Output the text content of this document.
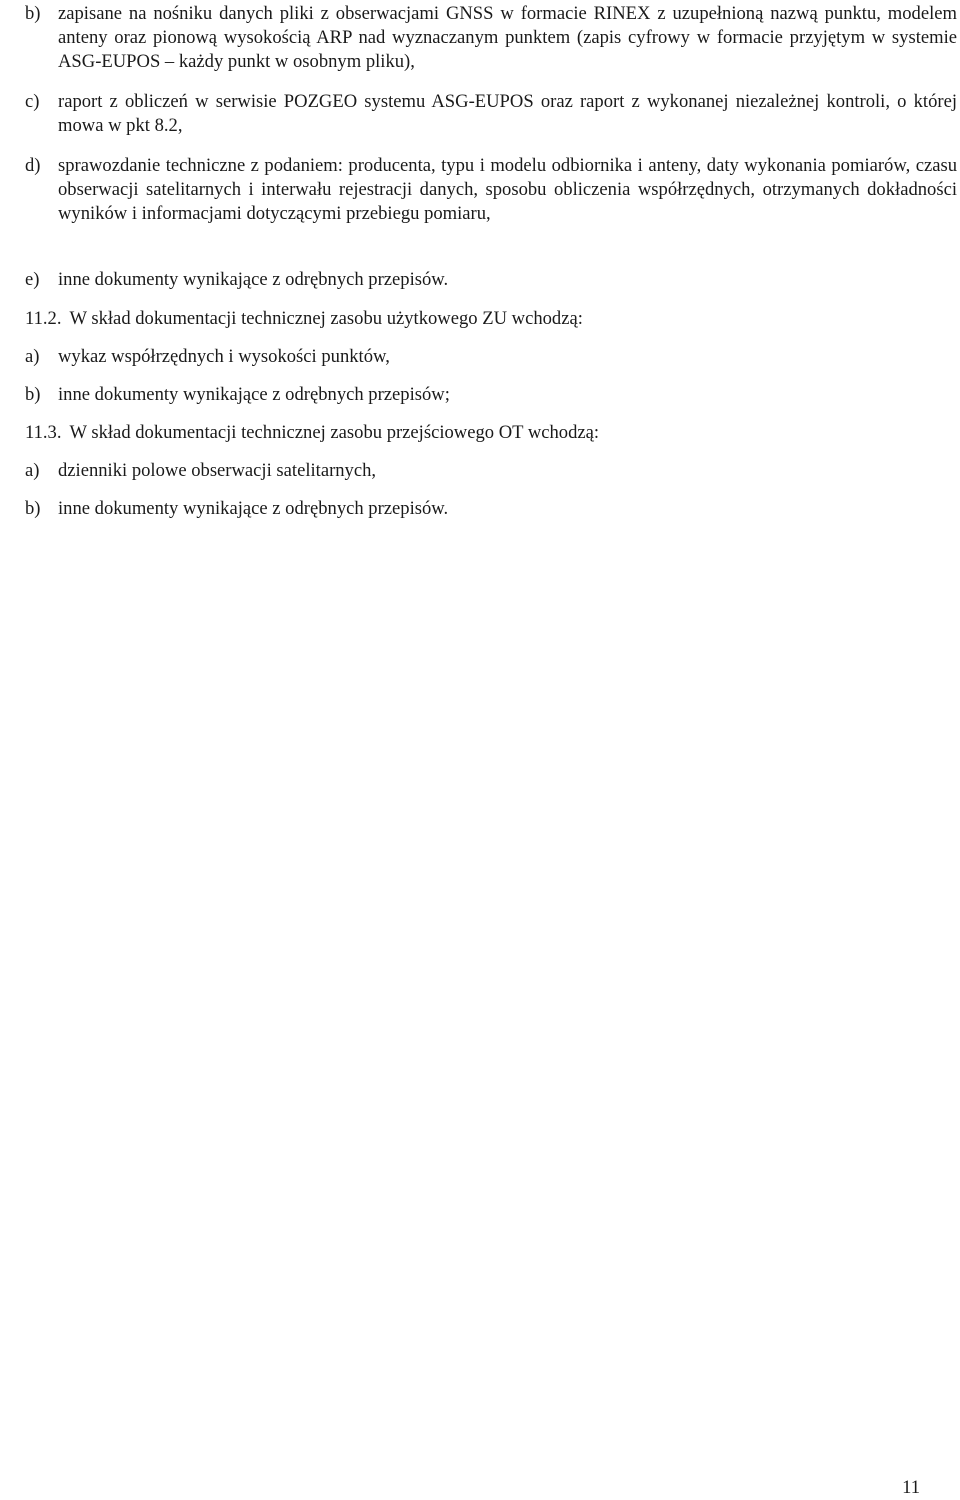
b) zapisane na nośniku danych pliki z obserwacjami GNSS w formacie RINEX z uzupełnioną nazwą punktu, modelem anteny oraz pionową wysokością ARP nad wyznaczanym punktem (zapis cyfrowy w formacie przyjętym w systemie ASG-EUPOS – każdy punkt w osobnym pliku),

c) raport z obliczeń w serwisie POZGEO systemu ASG-EUPOS oraz raport z wykonanej niezależnej kontroli, o której mowa w pkt 8.2,

d) sprawozdanie techniczne z podaniem: producenta, typu i modelu odbiornika i anteny, daty wykonania pomiarów, czasu obserwacji satelitarnych i interwału rejestracji danych, sposobu obliczenia współrzędnych, otrzymanych dokładności wyników i informacjami dotyczącymi przebiegu pomiaru,

e) inne dokumenty wynikające z odrębnych przepisów.

11.2. W skład dokumentacji technicznej zasobu użytkowego ZU wchodzą:

a) wykaz współrzędnych i wysokości punktów,

b) inne dokumenty wynikające z odrębnych przepisów;

11.3. W skład dokumentacji technicznej zasobu przejściowego OT wchodzą:

a) dzienniki polowe obserwacji satelitarnych,

b) inne dokumenty wynikające z odrębnych przepisów.

11
